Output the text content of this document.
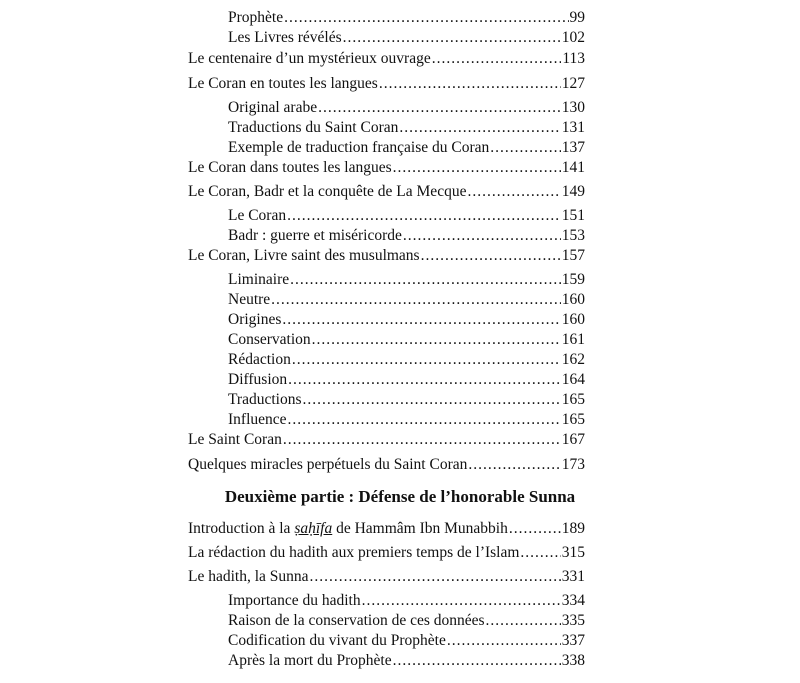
Prophète .....	99
Les Livres révélés .....	102
Le centenaire d’un mystérieux ouvrage .....	113
Le Coran en toutes les langues .....	127
Original arabe .....	130
Traductions du Saint Coran .....	131
Exemple de traduction française du Coran .....	137
Le Coran dans toutes les langues .....	141
Le Coran, Badr et la conquête de La Mecque .....	149
Le Coran .....	151
Badr : guerre et miséricorde .....	153
Le Coran, Livre saint des musulmans .....	157
Liminaire .....	159
Neutre .....	160
Origines .....	160
Conservation .....	161
Rédaction .....	162
Diffusion .....	164
Traductions .....	165
Influence .....	165
Le Saint Coran .....	167
Quelques miracles perpétuels du Saint Coran .....	173
Deuxième partie : Défense de l’honorable Sunna
Introduction à la ṣaḥīfa de Hammâm Ibn Munabbih .....	189
La rédaction du hadith aux premiers temps de l’Islam .....	315
Le hadith, la Sunna .....	331
Importance du hadith .....	334
Raison de la conservation de ces données .....	335
Codification du vivant du Prophète .....	337
Après la mort du Prophète .....	338
